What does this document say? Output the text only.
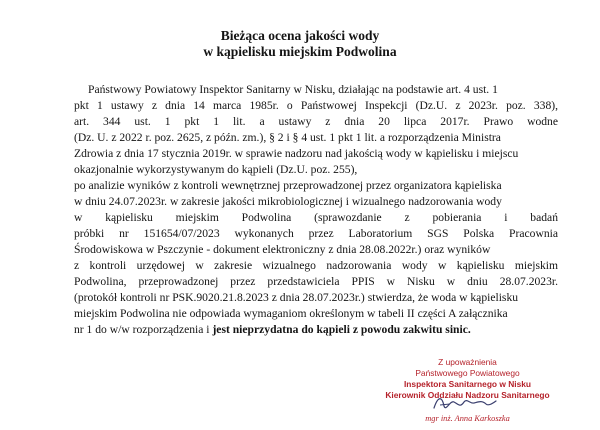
Bieżąca ocena jakości wody
w kąpielisku miejskim Podwolina
Państwowy Powiatowy Inspektor Sanitarny w Nisku, działając na podstawie art. 4 ust. 1
pkt 1 ustawy z dnia 14 marca 1985r. o Państwowej Inspekcji (Dz.U. z 2023r. poz. 338),
art. 344 ust. 1 pkt 1 lit. a ustawy z dnia 20 lipca 2017r. Prawo wodne
(Dz. U. z 2022 r. poz. 2625, z późn. zm.), § 2 i § 4 ust. 1 pkt 1 lit. a rozporządzenia Ministra
Zdrowia z dnia 17 stycznia 2019r. w sprawie nadzoru nad jakością wody w kąpielisku i miejscu
okazjonalnie wykorzystywanym do kąpieli (Dz.U. poz. 255),
po analizie wyników z kontroli wewnętrznej przeprowadzonej przez organizatora kąpieliska
w dniu 24.07.2023r. w zakresie jakości mikrobiologicznej i wizualnego nadzorowania wody
w kąpielisku miejskim Podwolina (sprawozdanie z pobierania i badań
próbki nr 151654/07/2023 wykonanych przez Laboratorium SGS Polska Pracownia
Środowiskowa w Pszczynie - dokument elektroniczny z dnia 28.08.2022r.) oraz wyników
z kontroli urzędowej w zakresie wizualnego nadzorowania wody w kąpielisku miejskim
Podwolina, przeprowadzonej przez przedstawiciela PPIS w Nisku w dniu 28.07.2023r.
(protokół kontroli nr PSK.9020.21.8.2023 z dnia 28.07.2023r.) stwierdza, że woda w kąpielisku
miejskim Podwolina nie odpowiada wymaganiom określonym w tabeli II części A załącznika
nr 1 do w/w rozporządzenia i jest nieprzydatna do kąpieli z powodu zakwitu sinic.
Z upoważnienia
Państwowego Powiatowego
Inspektora Sanitarnego w Nisku
Kierownik Oddziału Nadzoru Sanitarnego
mgr inż. Anna Karkoszka
